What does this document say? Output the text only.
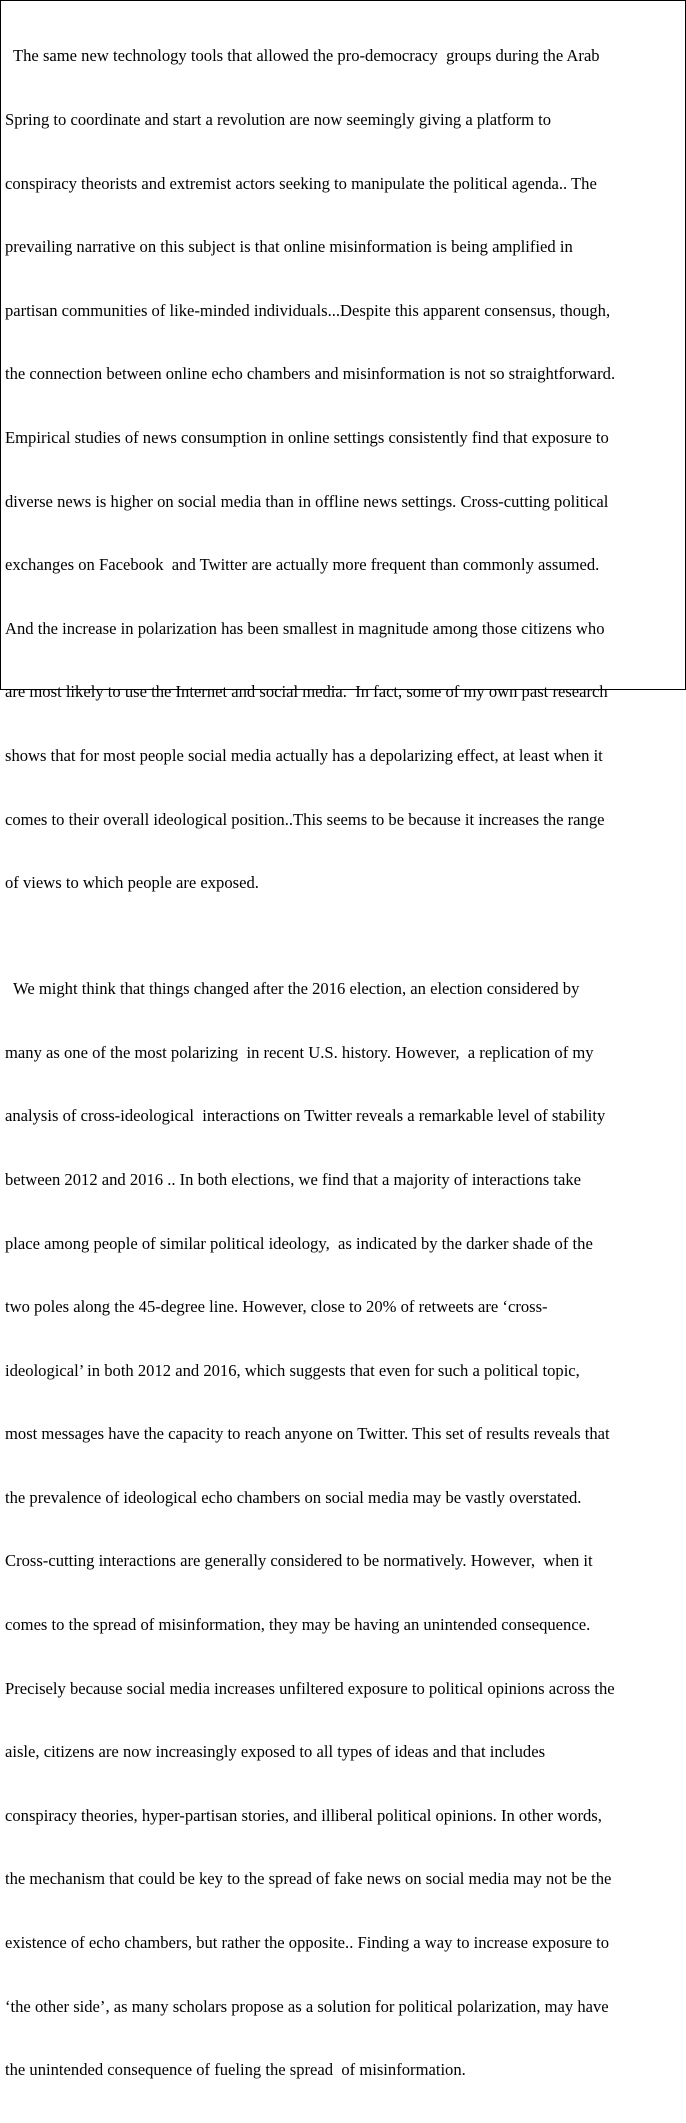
The same new technology tools that allowed the pro-democracy  groups during the Arab

Spring to coordinate and start a revolution are now seemingly giving a platform to

conspiracy theorists and extremist actors seeking to manipulate the political agenda.. The

prevailing narrative on this subject is that online misinformation is being amplified in

partisan communities of like-minded individuals...Despite this apparent consensus, though,

the connection between online echo chambers and misinformation is not so straightforward.

Empirical studies of news consumption in online settings consistently find that exposure to

diverse news is higher on social media than in offline news settings. Cross-cutting political

exchanges on Facebook  and Twitter are actually more frequent than commonly assumed.

And the increase in polarization has been smallest in magnitude among those citizens who

are most likely to use the Internet and social media.  In fact, some of my own past research

shows that for most people social media actually has a depolarizing effect, at least when it

comes to their overall ideological position..This seems to be because it increases the range

of views to which people are exposed.

We might think that things changed after the 2016 election, an election considered by

many as one of the most polarizing  in recent U.S. history. However,  a replication of my

analysis of cross-ideological  interactions on Twitter reveals a remarkable level of stability

between 2012 and 2016 .. In both elections, we find that a majority of interactions take

place among people of similar political ideology,  as indicated by the darker shade of the

two poles along the 45-degree line. However, close to 20% of retweets are ‘cross-

ideological’ in both 2012 and 2016, which suggests that even for such a political topic,

most messages have the capacity to reach anyone on Twitter. This set of results reveals that

the prevalence of ideological echo chambers on social media may be vastly overstated.

Cross-cutting interactions are generally considered to be normatively. However,  when it

comes to the spread of misinformation, they may be having an unintended consequence.

Precisely because social media increases unfiltered exposure to political opinions across the

aisle, citizens are now increasingly exposed to all types of ideas and that includes

conspiracy theories, hyper-partisan stories, and illiberal political opinions. In other words,

the mechanism that could be key to the spread of fake news on social media may not be the

existence of echo chambers, but rather the opposite.. Finding a way to increase exposure to

‘the other side’, as many scholars propose as a solution for political polarization, may have

the unintended consequence of fueling the spread  of misinformation.
